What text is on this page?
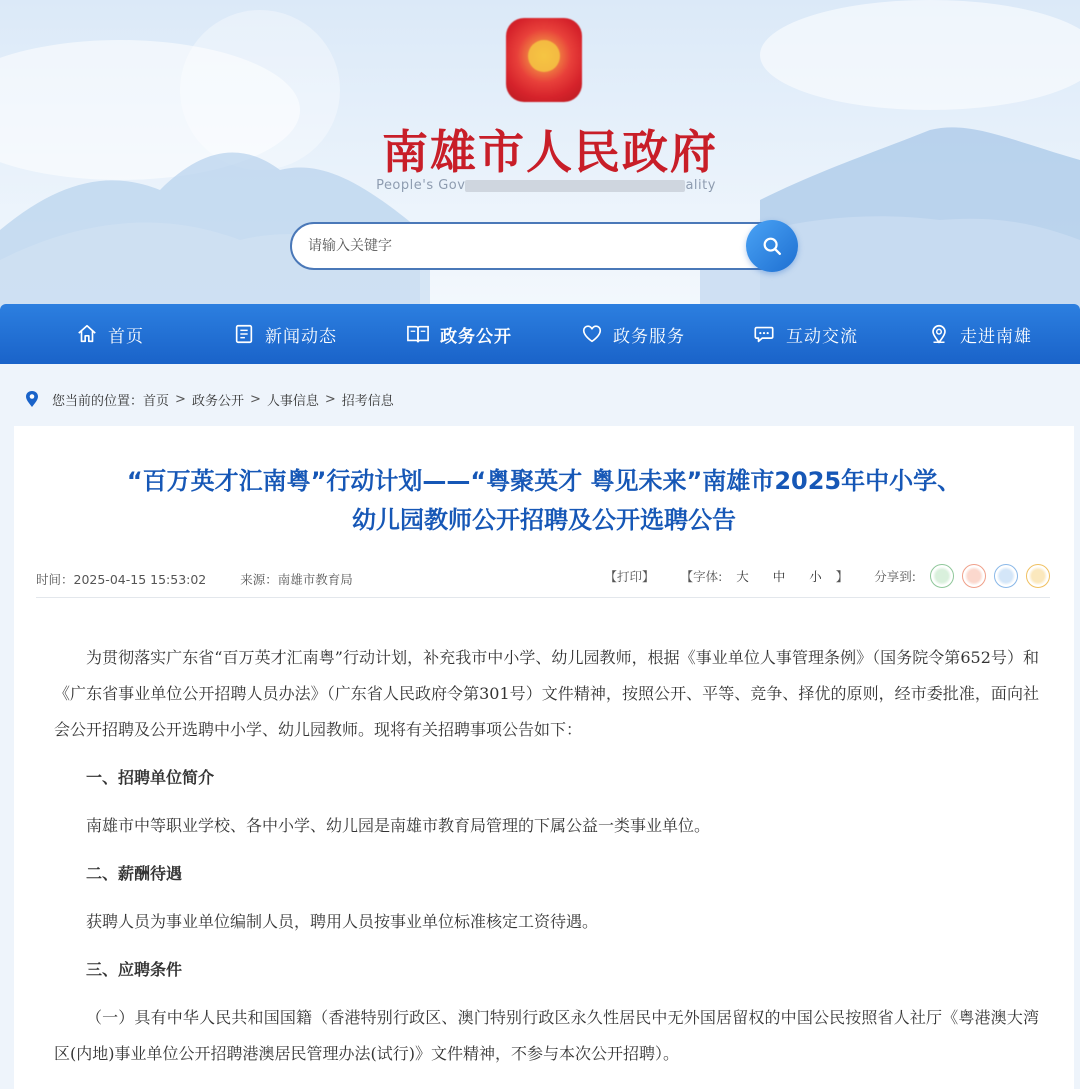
南雄市人民政府
People's Gov	ality
请输入关键字
首页	新闻动态	政务公开	政务服务	互动交流	走进南雄
您当前的位置： 首页 > 政务公开 > 人事信息 > 招考信息
“百万英才汇南粤”行动计划——“粤聚英才 粤见未来”南雄市2025年中小学、
幼儿园教师公开招聘及公开选聘公告
时间：2025-04-15 15:53:02	来源：南雄市教育局	【打印】 【字体: 大 中 小 】 分享到:

为贯彻落实广东省“百万英才汇南粤”行动计划，补充我市中小学、幼儿园教师，根据《事业单位人事管理条例》（国务院令第652号）和《广东省事业单位公开招聘人员办法》（广东省人民政府令第301号）文件精神，按照公开、平等、竞争、择优的原则，经市委批准，面向社会公开招聘及公开选聘中小学、幼儿园教师。现将有关招聘事项公告如下：

一、招聘单位简介

南雄市中等职业学校、各中小学、幼儿园是南雄市教育局管理的下属公益一类事业单位。

二、薪酬待遇

获聘人员为事业单位编制人员，聘用人员按事业单位标准核定工资待遇。

三、应聘条件

（一）具有中华人民共和国国籍（香港特别行政区、澳门特别行政区永久性居民中无外国居留权的中国公民按照省人社厅《粤港澳大湾区(内地)事业单位公开招聘港澳居民管理办法(试行)》文件精神，不参与本次公开招聘）。
